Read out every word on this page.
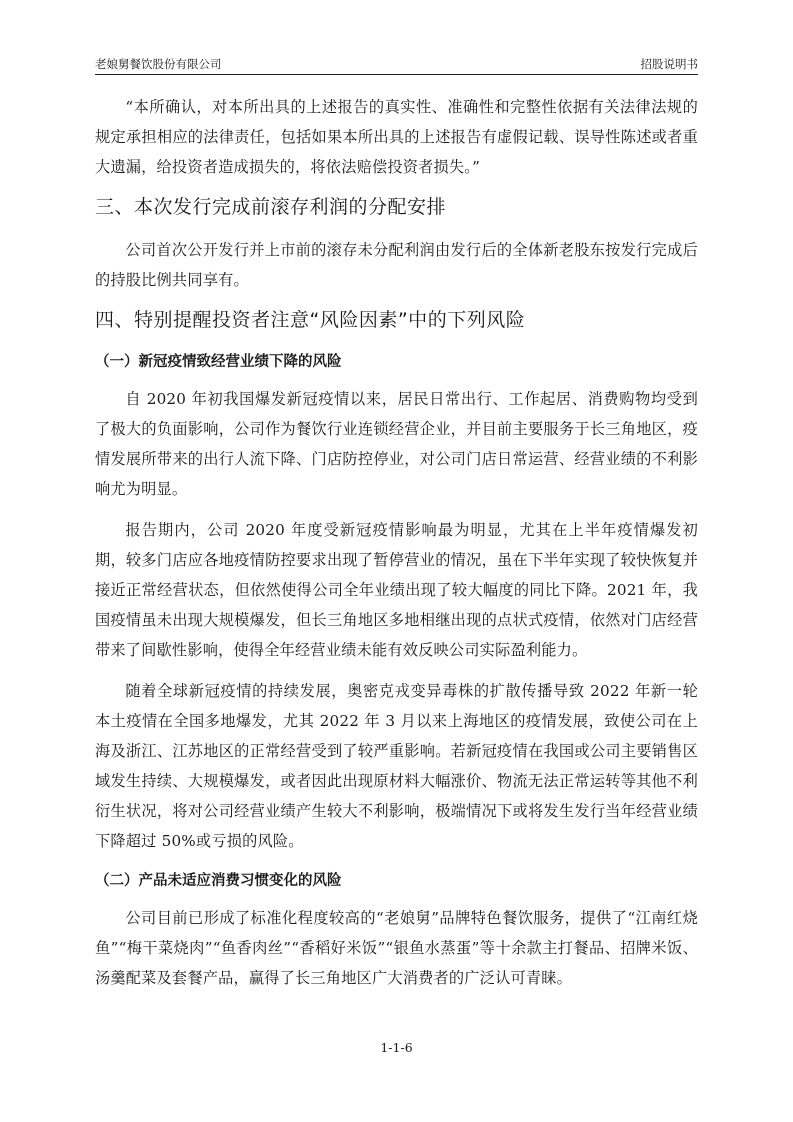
老娘舅餐饮股份有限公司	招股说明书

“本所确认，对本所出具的上述报告的真实性、准确性和完整性依据有关法律法规的规定承担相应的法律责任，包括如果本所出具的上述报告有虚假记载、误导性陈述或者重大遗漏，给投资者造成损失的，将依法赔偿投资者损失。”

三、本次发行完成前滚存利润的分配安排

公司首次公开发行并上市前的滚存未分配利润由发行后的全体新老股东按发行完成后的持股比例共同享有。

四、特别提醒投资者注意“风险因素”中的下列风险
（一）新冠疫情致经营业绩下降的风险

自 2020 年初我国爆发新冠疫情以来，居民日常出行、工作起居、消费购物均受到了极大的负面影响，公司作为餐饮行业连锁经营企业，并目前主要服务于长三角地区，疫情发展所带来的出行人流下降、门店防控停业，对公司门店日常运营、经营业绩的不利影响尤为明显。

报告期内，公司 2020 年度受新冠疫情影响最为明显，尤其在上半年疫情爆发初期，较多门店应各地疫情防控要求出现了暂停营业的情况，虽在下半年实现了较快恢复并接近正常经营状态，但依然使得公司全年业绩出现了较大幅度的同比下降。2021 年，我国疫情虽未出现大规模爆发，但长三角地区多地相继出现的点状式疫情，依然对门店经营带来了间歇性影响，使得全年经营业绩未能有效反映公司实际盈利能力。

随着全球新冠疫情的持续发展，奥密克戎变异毒株的扩散传播导致 2022 年新一轮本土疫情在全国多地爆发，尤其 2022 年 3 月以来上海地区的疫情发展，致使公司在上海及浙江、江苏地区的正常经营受到了较严重影响。若新冠疫情在我国或公司主要销售区域发生持续、大规模爆发，或者因此出现原材料大幅涨价、物流无法正常运转等其他不利衍生状况，将对公司经营业绩产生较大不利影响，极端情况下或将发生发行当年经营业绩下降超过 50%或亏损的风险。

（二）产品未适应消费习惯变化的风险

公司目前已形成了标准化程度较高的“老娘舅”品牌特色餐饮服务，提供了“江南红烧鱼”“梅干菜烧肉”“鱼香肉丝”“香稻好米饭”“银鱼水蒸蛋”等十余款主打餐品、招牌米饭、汤羹配菜及套餐产品，赢得了长三角地区广大消费者的广泛认可青睐。

1-1-6
